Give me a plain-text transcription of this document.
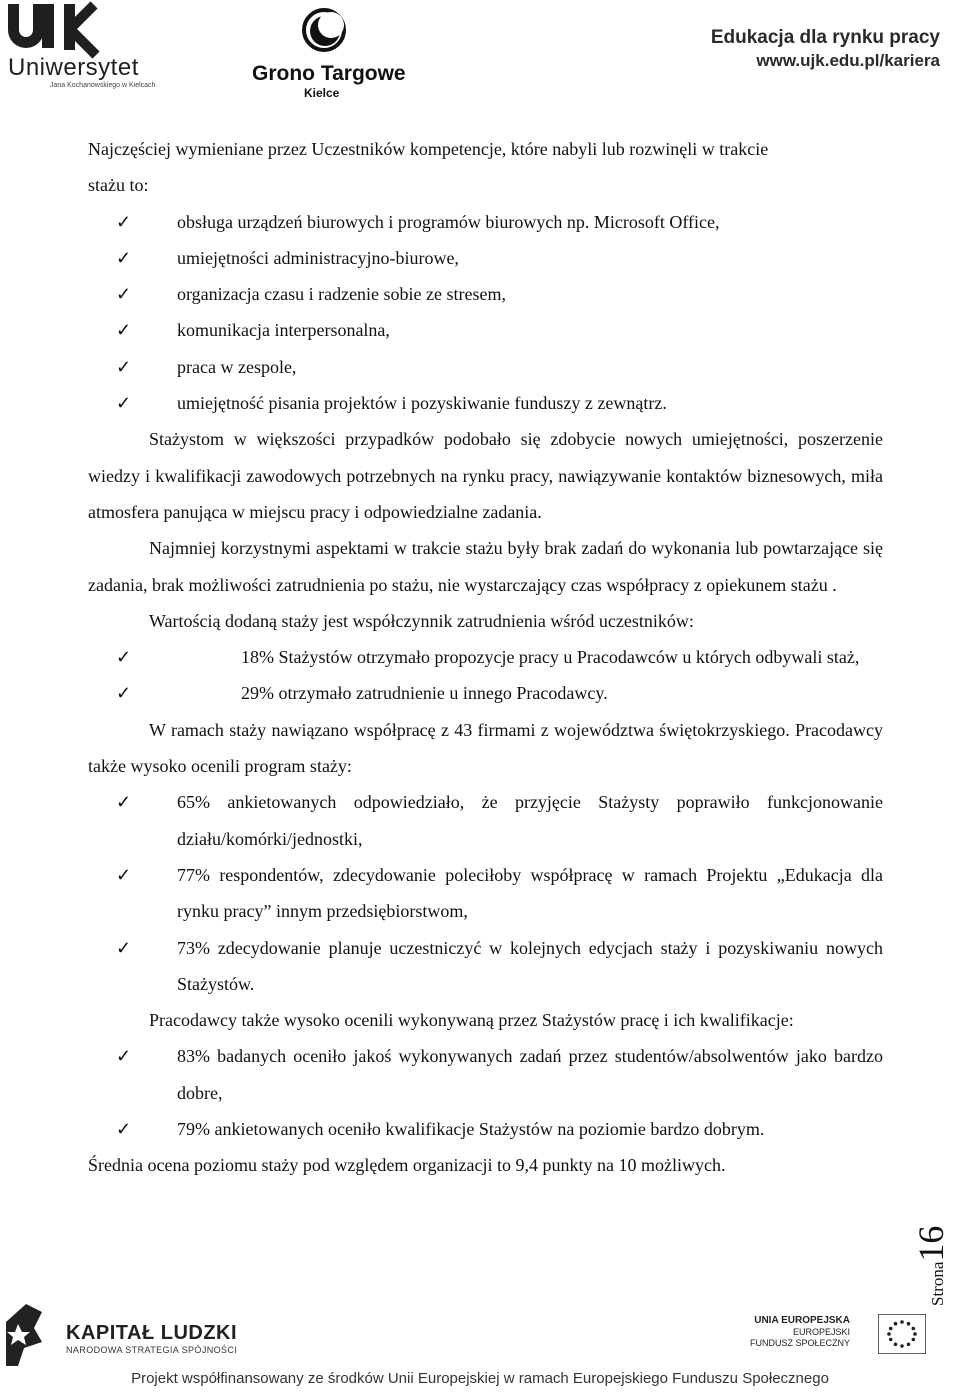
Uniwersytet
Jana Kochanowskiego w Kielcach
Grono Targowe
Kielce
Edukacja dla rynku pracy
www.ujk.edu.pl/kariera

Najczęściej wymieniane przez Uczestników kompetencje, które nabyli lub rozwinęli w trakcie

stażu to:

✓	obsługa urządzeń biurowych i programów biurowych np. Microsoft Office,
✓	umiejętności administracyjno-biurowe,
✓	organizacja czasu i radzenie sobie ze stresem,
✓	komunikacja interpersonalna,
✓	praca w zespole,
✓	umiejętność pisania projektów i pozyskiwanie funduszy z zewnątrz.

Stażystom w większości przypadków podobało się zdobycie nowych umiejętności, poszerzenie wiedzy i kwalifikacji zawodowych potrzebnych na rynku pracy, nawiązywanie kontaktów biznesowych, miła atmosfera panująca w miejscu pracy i odpowiedzialne zadania.

Najmniej korzystnymi aspektami w trakcie stażu były brak zadań do wykonania lub powtarzające się zadania, brak możliwości zatrudnienia po stażu, nie wystarczający czas współpracy z opiekunem stażu .

Wartością dodaną staży jest współczynnik zatrudnienia wśród uczestników:

✓	18% Stażystów otrzymało propozycje pracy u Pracodawców u których odbywali staż,
✓	29% otrzymało zatrudnienie u innego Pracodawcy.

W ramach staży nawiązano współpracę z 43 firmami z województwa świętokrzyskiego. Pracodawcy także wysoko ocenili program staży:

✓	65% ankietowanych odpowiedziało, że przyjęcie Stażysty poprawiło funkcjonowanie działu/komórki/jednostki,
✓	77% respondentów, zdecydowanie poleciłoby współpracę w ramach Projektu „Edukacja dla rynku pracy” innym przedsiębiorstwom,
✓	73% zdecydowanie planuje uczestniczyć w kolejnych edycjach staży i pozyskiwaniu nowych Stażystów.

Pracodawcy także wysoko ocenili wykonywaną przez Stażystów pracę i ich kwalifikacje:

✓	83% badanych oceniło jakoś wykonywanych zadań przez studentów/absolwentów jako bardzo dobre,
✓	79% ankietowanych oceniło kwalifikacje Stażystów na poziomie bardzo dobrym.

Średnia ocena poziomu staży pod względem organizacji to 9,4 punkty na 10 możliwych.

Strona16
KAPITAŁ LUDZKI
NARODOWA STRATEGIA SPÓJNOŚCI
UNIA EUROPEJSKA
EUROPEJSKI
FUNDUSZ SPOŁECZNY
Projekt współfinansowany ze środków Unii Europejskiej w ramach Europejskiego Funduszu Społecznego
